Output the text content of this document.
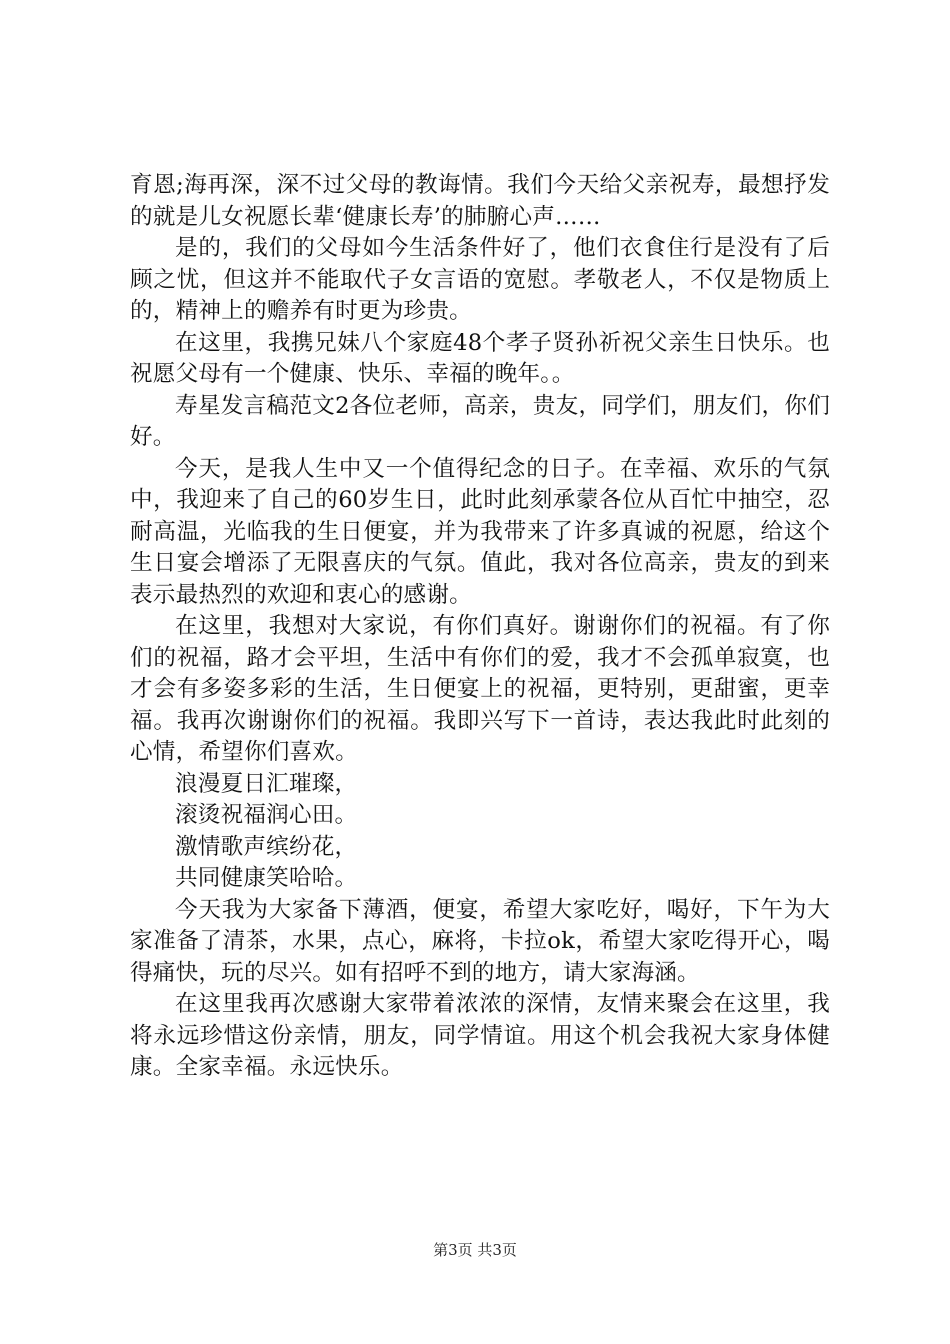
育恩;海再深，深不过父母的教诲情。我们今天给父亲祝寿，最想抒发的就是儿女祝愿长辈‘健康长寿’的肺腑心声……

是的，我们的父母如今生活条件好了，他们衣食住行是没有了后顾之忧，但这并不能取代子女言语的宽慰。孝敬老人，不仅是物质上的，精神上的赡养有时更为珍贵。

在这里，我携兄妹八个家庭48个孝子贤孙祈祝父亲生日快乐。也祝愿父母有一个健康、快乐、幸福的晚年。。

寿星发言稿范文2各位老师，高亲，贵友，同学们，朋友们，你们好。

今天，是我人生中又一个值得纪念的日子。在幸福、欢乐的气氛中，我迎来了自己的60岁生日，此时此刻承蒙各位从百忙中抽空，忍耐高温，光临我的生日便宴，并为我带来了许多真诚的祝愿，给这个生日宴会增添了无限喜庆的气氛。值此，我对各位高亲，贵友的到来表示最热烈的欢迎和衷心的感谢。

在这里，我想对大家说，有你们真好。谢谢你们的祝福。有了你们的祝福，路才会平坦，生活中有你们的爱，我才不会孤单寂寞，也才会有多姿多彩的生活，生日便宴上的祝福，更特别，更甜蜜，更幸福。我再次谢谢你们的祝福。我即兴写下一首诗，表达我此时此刻的心情，希望你们喜欢。

浪漫夏日汇璀璨，

滚烫祝福润心田。

激情歌声缤纷花，

共同健康笑哈哈。

今天我为大家备下薄酒，便宴，希望大家吃好，喝好，下午为大家准备了清茶，水果，点心，麻将，卡拉ok，希望大家吃得开心，喝得痛快，玩的尽兴。如有招呼不到的地方，请大家海涵。

在这里我再次感谢大家带着浓浓的深情，友情来聚会在这里，我将永远珍惜这份亲情，朋友，同学情谊。用这个机会我祝大家身体健康。全家幸福。永远快乐。

第3页 共3页
